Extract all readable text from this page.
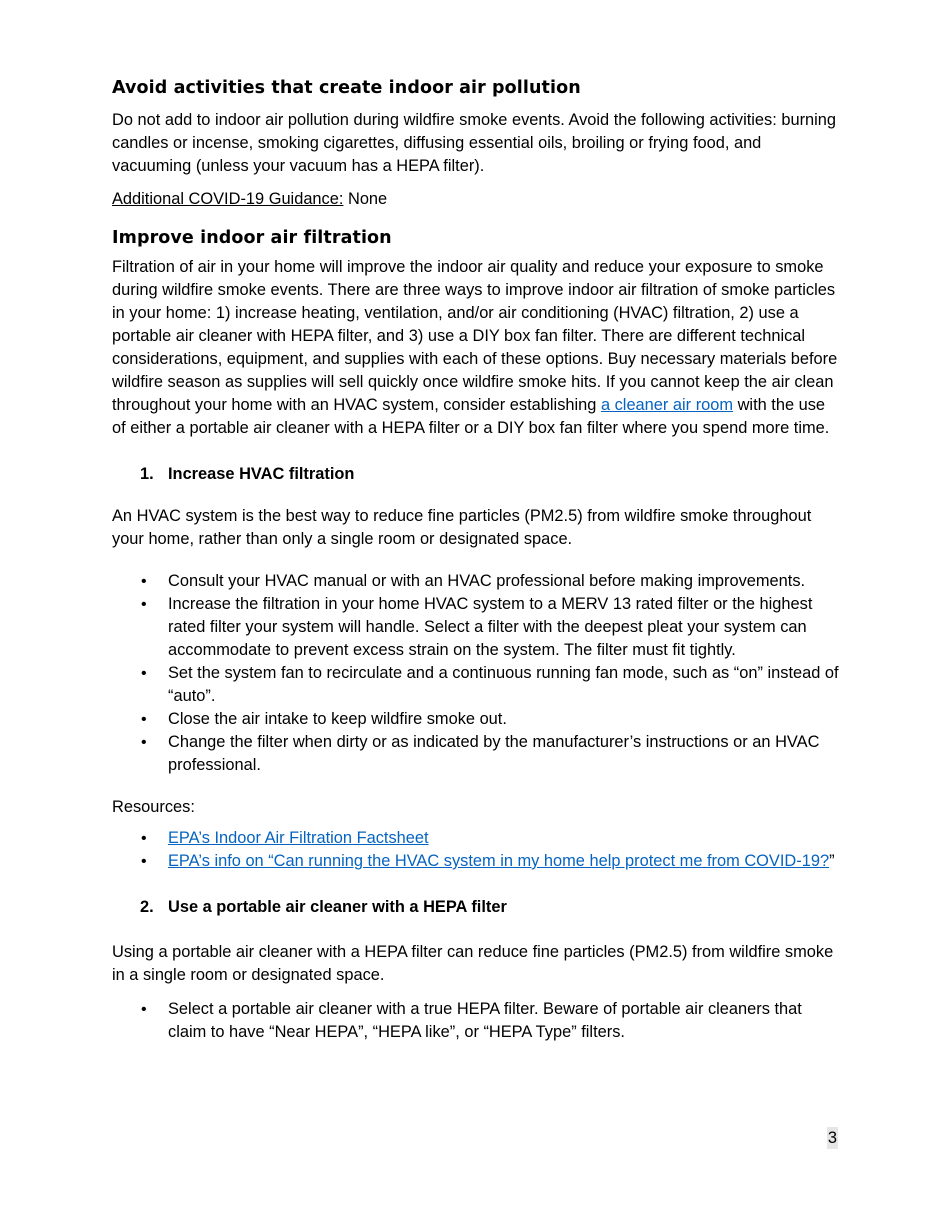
Avoid activities that create indoor air pollution

Do not add to indoor air pollution during wildfire smoke events. Avoid the following activities: burning candles or incense, smoking cigarettes, diffusing essential oils, broiling or frying food, and vacuuming (unless your vacuum has a HEPA filter).

Additional COVID-19 Guidance: None

Improve indoor air filtration

Filtration of air in your home will improve the indoor air quality and reduce your exposure to smoke during wildfire smoke events. There are three ways to improve indoor air filtration of smoke particles in your home: 1) increase heating, ventilation, and/or air conditioning (HVAC) filtration, 2) use a portable air cleaner with HEPA filter, and 3) use a DIY box fan filter. There are different technical considerations, equipment, and supplies with each of these options. Buy necessary materials before wildfire season as supplies will sell quickly once wildfire smoke hits. If you cannot keep the air clean throughout your home with an HVAC system, consider establishing a cleaner air room with the use of either a portable air cleaner with a HEPA filter or a DIY box fan filter where you spend more time.

1. Increase HVAC filtration

An HVAC system is the best way to reduce fine particles (PM2.5) from wildfire smoke throughout your home, rather than only a single room or designated space.

• Consult your HVAC manual or with an HVAC professional before making improvements.
• Increase the filtration in your home HVAC system to a MERV 13 rated filter or the highest rated filter your system will handle. Select a filter with the deepest pleat your system can accommodate to prevent excess strain on the system. The filter must fit tightly.
• Set the system fan to recirculate and a continuous running fan mode, such as “on” instead of “auto”.
• Close the air intake to keep wildfire smoke out.
• Change the filter when dirty or as indicated by the manufacturer’s instructions or an HVAC professional.

Resources:

• EPA’s Indoor Air Filtration Factsheet
• EPA’s info on “Can running the HVAC system in my home help protect me from COVID-19?”

2. Use a portable air cleaner with a HEPA filter

Using a portable air cleaner with a HEPA filter can reduce fine particles (PM2.5) from wildfire smoke in a single room or designated space.

• Select a portable air cleaner with a true HEPA filter. Beware of portable air cleaners that claim to have “Near HEPA”, “HEPA like”, or “HEPA Type” filters.
3
